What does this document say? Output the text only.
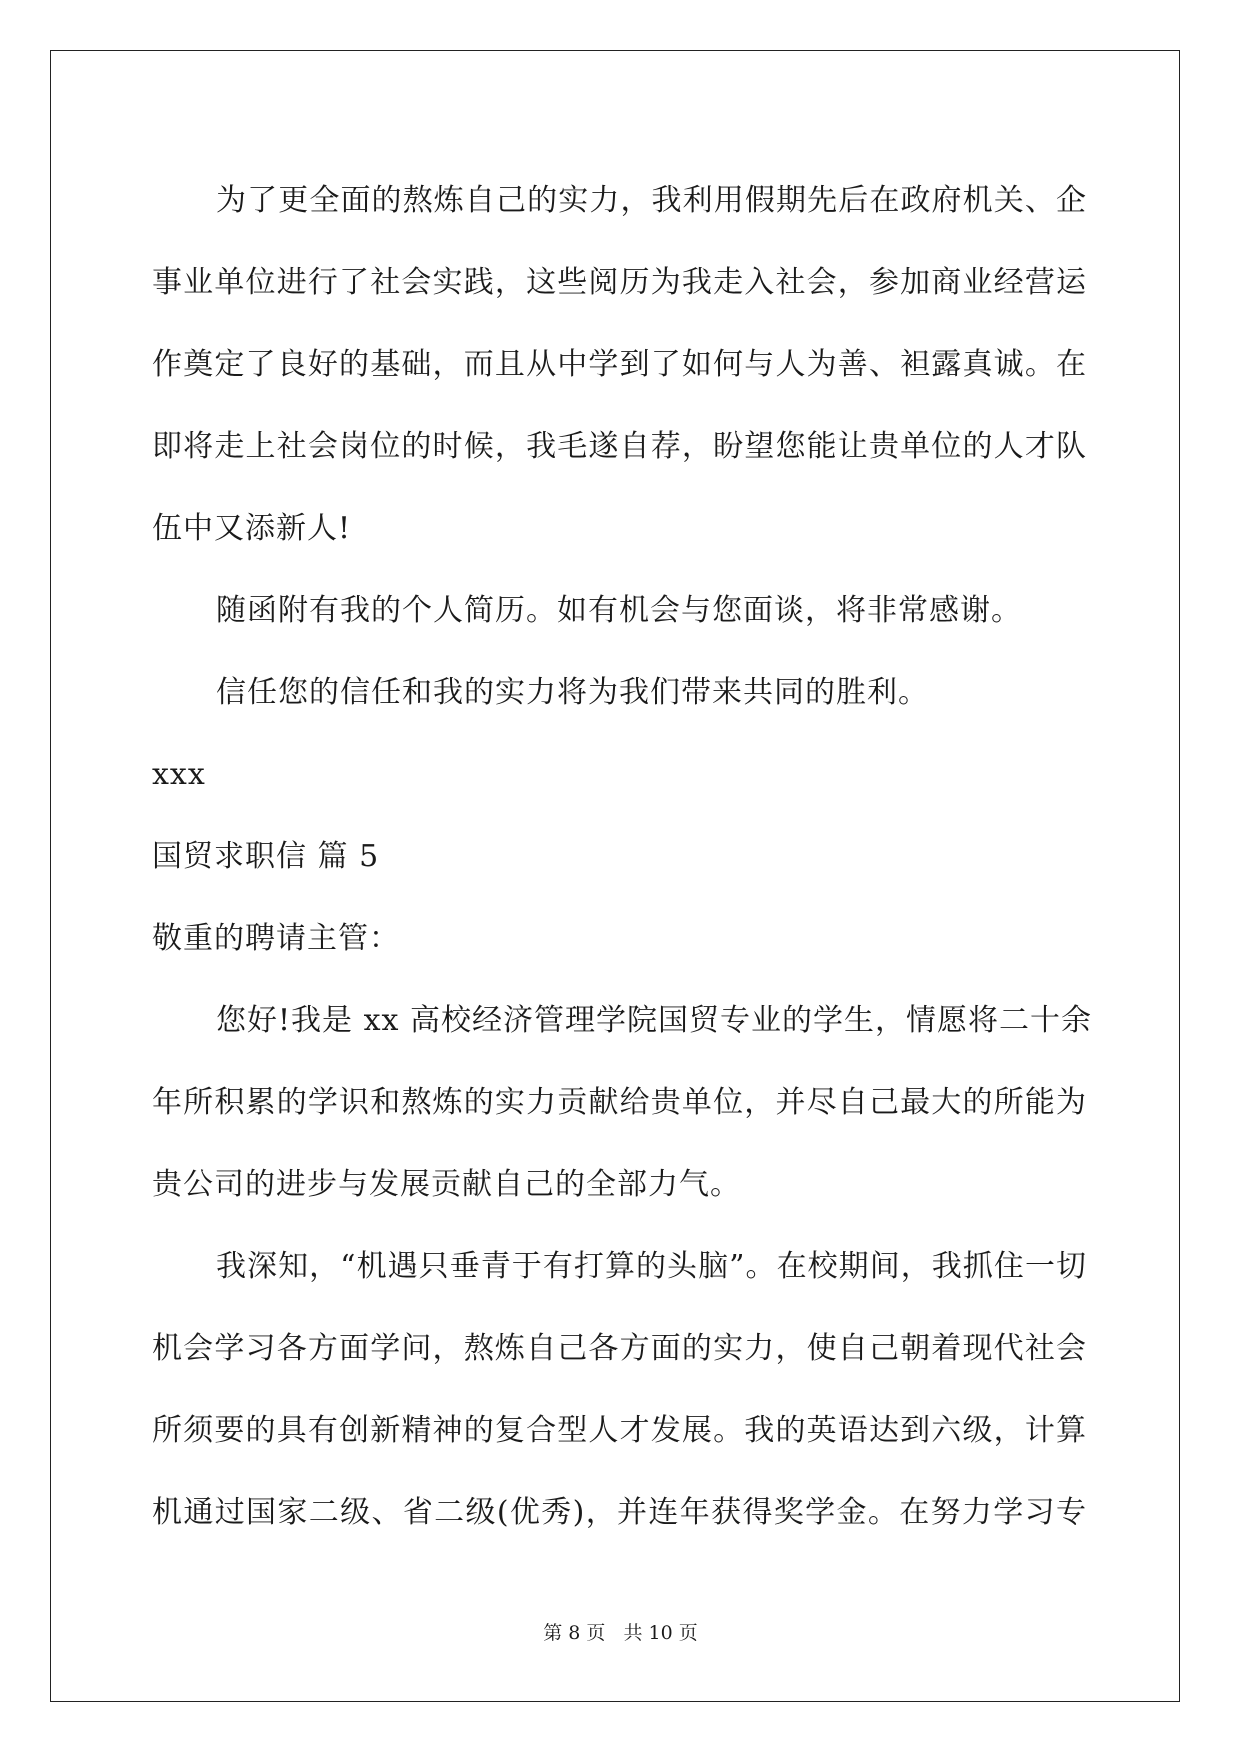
为了更全面的熬炼自己的实力，我利用假期先后在政府机关、企
事业单位进行了社会实践，这些阅历为我走入社会，参加商业经营运
作奠定了良好的基础，而且从中学到了如何与人为善、袒露真诚。在
即将走上社会岗位的时候，我毛遂自荐，盼望您能让贵单位的人才队
伍中又添新人!
随函附有我的个人简历。如有机会与您面谈，将非常感谢。
信任您的信任和我的实力将为我们带来共同的胜利。
xxx
国贸求职信 篇 5
敬重的聘请主管：
您好!我是 xx 高校经济管理学院国贸专业的学生，情愿将二十余
年所积累的学识和熬炼的实力贡献给贵单位，并尽自己最大的所能为
贵公司的进步与发展贡献自己的全部力气。
我深知，“机遇只垂青于有打算的头脑”。在校期间，我抓住一切
机会学习各方面学问，熬炼自己各方面的实力，使自己朝着现代社会
所须要的具有创新精神的复合型人才发展。我的英语达到六级，计算
机通过国家二级、省二级(优秀)，并连年获得奖学金。在努力学习专
第 8 页 共 10 页
